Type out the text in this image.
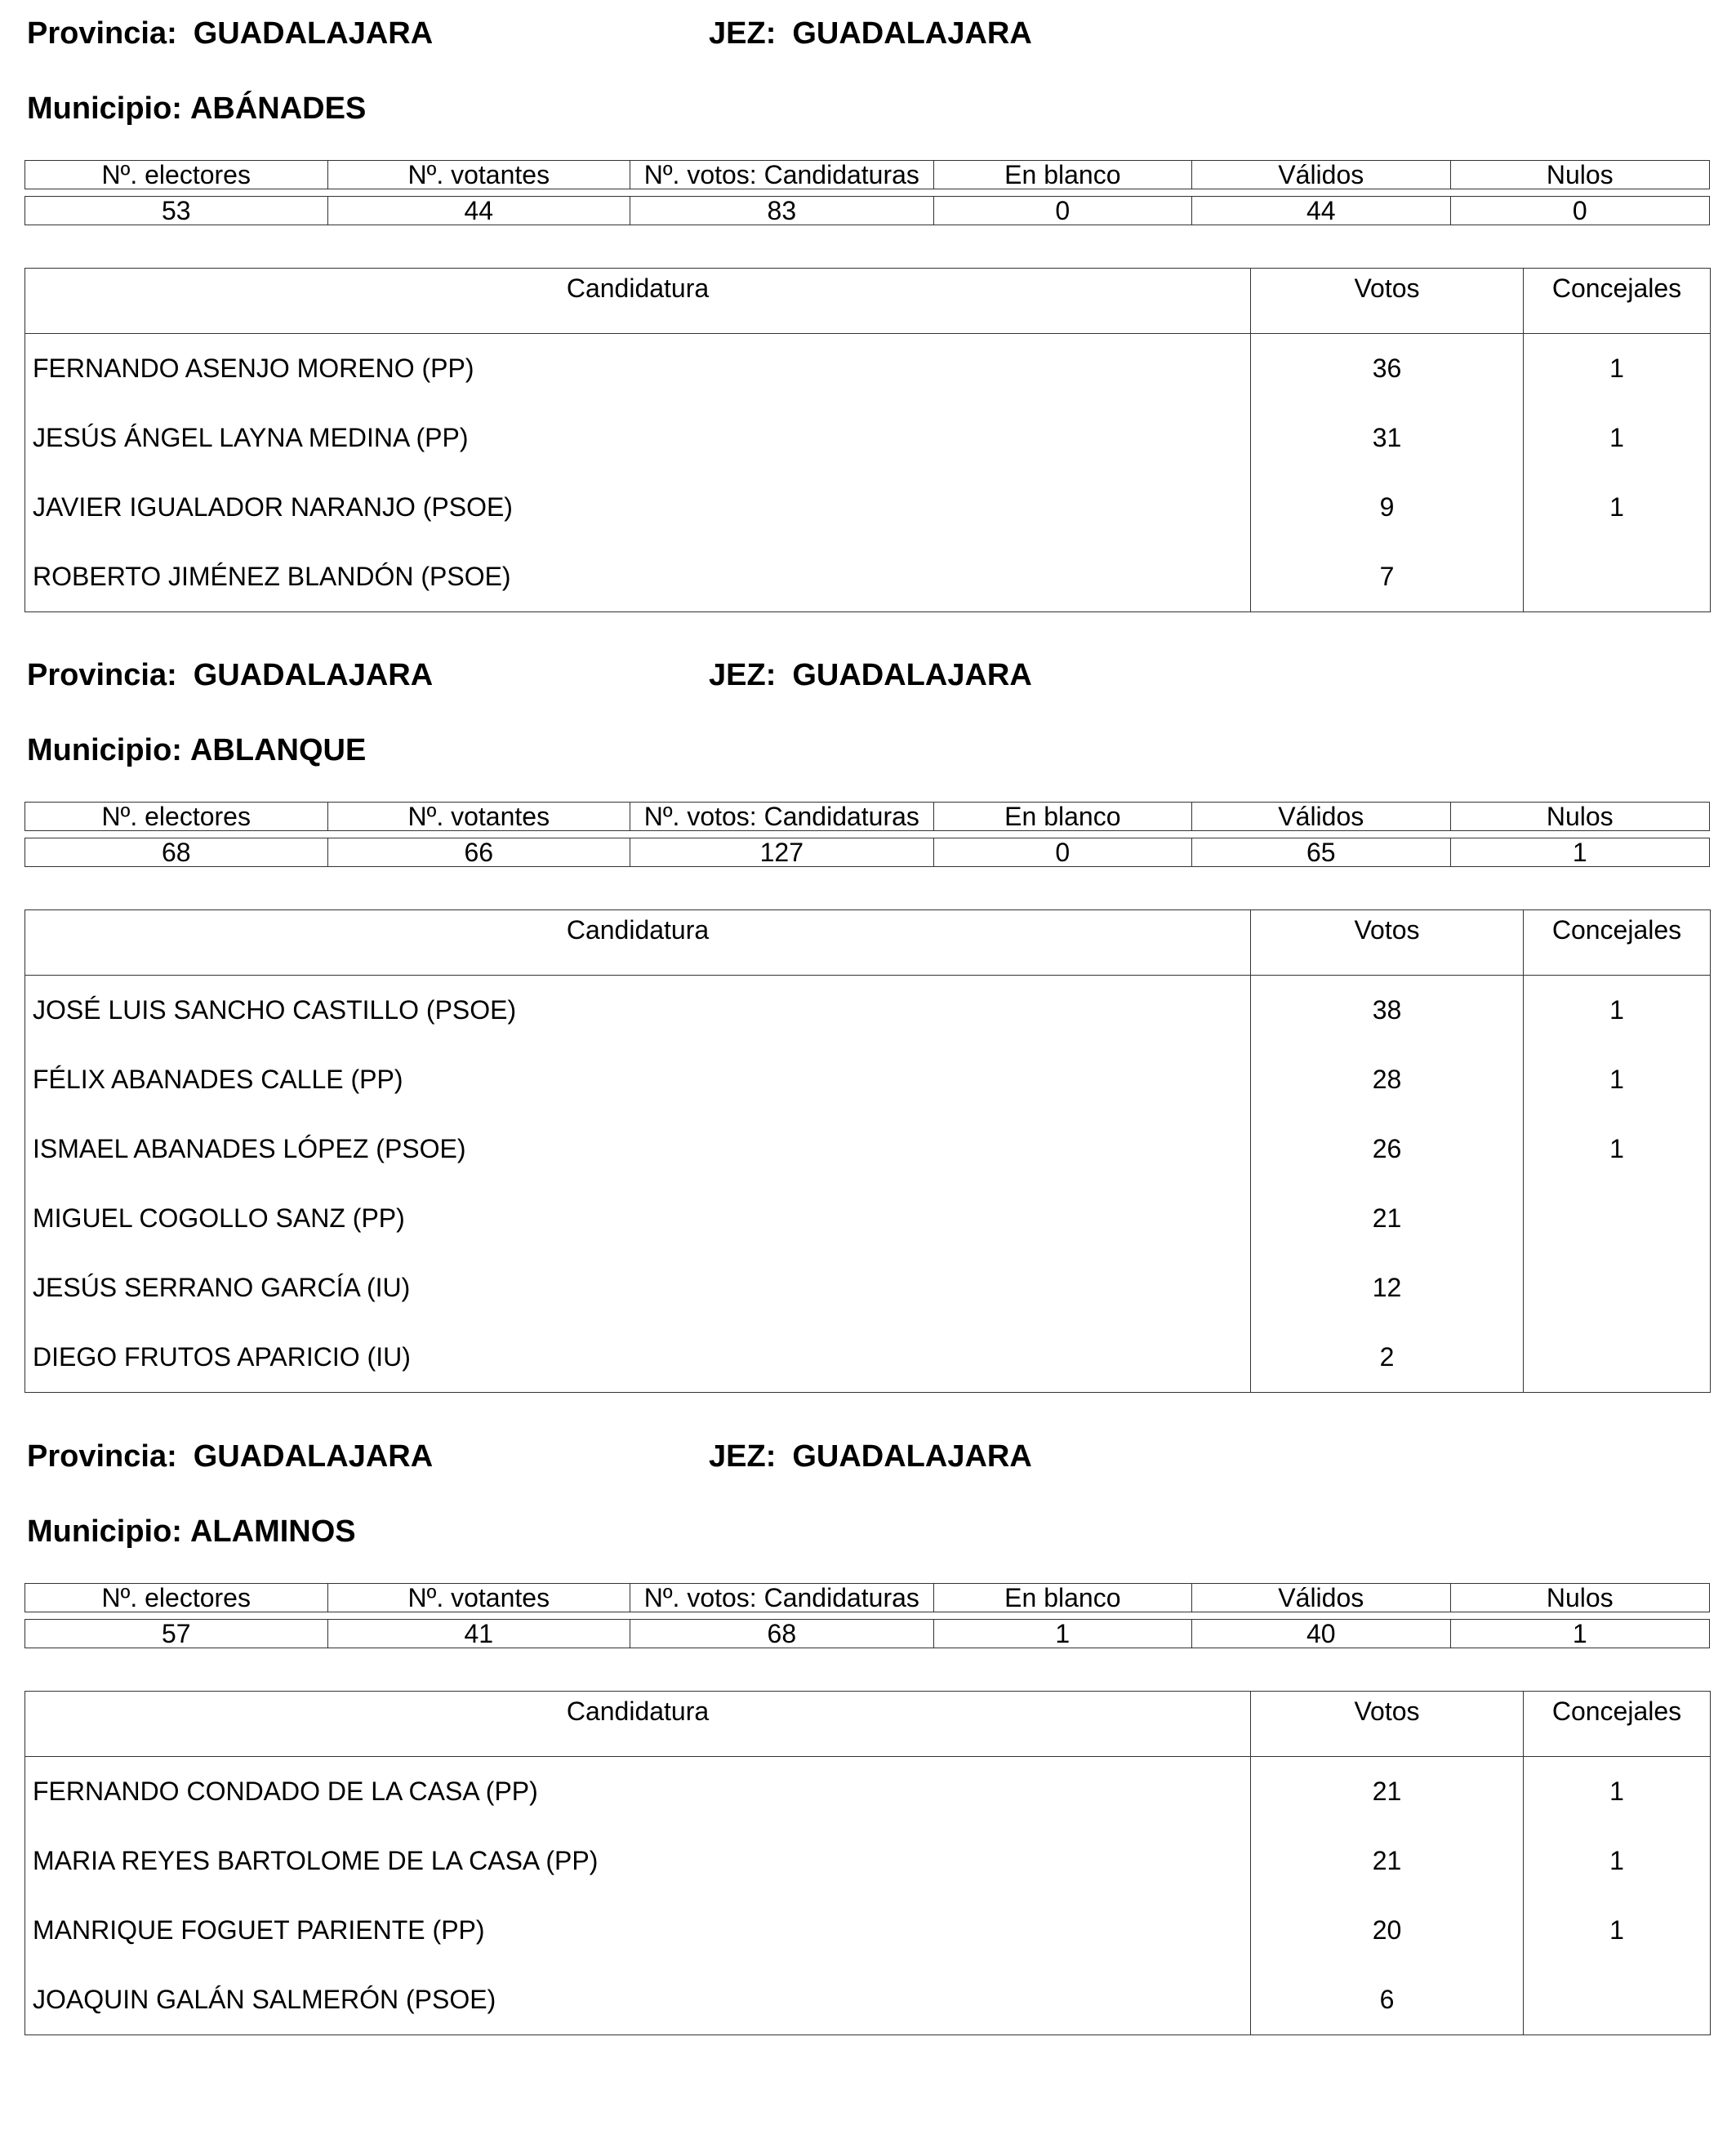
Provincia: GUADALAJARA	JEZ: GUADALAJARA
Municipio: ABÁNADES
Nº. electores	Nº. votantes	Nº. votos: Candidaturas	En blanco	Válidos	Nulos

53	44	83	0	44	0
Candidatura	Votos	Concejales
FERNANDO ASENJO MORENO (PP)	36	1
JESÚS ÁNGEL LAYNA MEDINA (PP)	31	1
JAVIER IGUALADOR NARANJO (PSOE)	9	1
ROBERTO JIMÉNEZ BLANDÓN (PSOE)	7	
Provincia: GUADALAJARA	JEZ: GUADALAJARA
Municipio: ABLANQUE
Nº. electores	Nº. votantes	Nº. votos: Candidaturas	En blanco	Válidos	Nulos

68	66	127	0	65	1
Candidatura	Votos	Concejales
JOSÉ LUIS SANCHO CASTILLO (PSOE)	38	1
FÉLIX ABANADES CALLE (PP)	28	1
ISMAEL ABANADES LÓPEZ (PSOE)	26	1
MIGUEL COGOLLO SANZ (PP)	21	
JESÚS SERRANO GARCÍA (IU)	12	
DIEGO FRUTOS APARICIO (IU)	2	
Provincia: GUADALAJARA	JEZ: GUADALAJARA
Municipio: ALAMINOS
Nº. electores	Nº. votantes	Nº. votos: Candidaturas	En blanco	Válidos	Nulos

57	41	68	1	40	1
Candidatura	Votos	Concejales
FERNANDO CONDADO DE LA CASA (PP)	21	1
MARIA REYES BARTOLOME DE LA CASA (PP)	21	1
MANRIQUE FOGUET PARIENTE (PP)	20	1
JOAQUIN GALÁN SALMERÓN (PSOE)	6	
